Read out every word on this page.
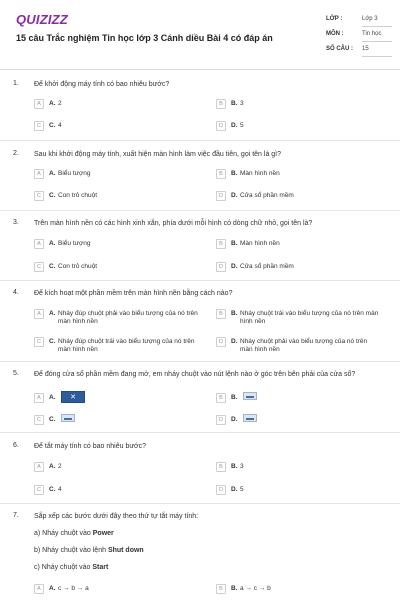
QUIZIZZ
15 câu Trắc nghiệm Tin học lớp 3 Cánh diều Bài 4 có đáp án
LỚP :	Lớp 3
MÔN :	Tin học
SỐ CÂU : 15
1. Để khởi động máy tính có bao nhiêu bước?
A	A. 2	B	B. 3
C	C. 4	D	D. 5
2. Sau khi khởi động máy tính, xuất hiện màn hình làm việc đầu tiên, gọi tên là gì?
A	A. Biểu tượng	B	B. Màn hình nền
C	C. Con trỏ chuột	D	D. Cửa sổ phần mềm
3. Trên màn hình nền có các hình xinh xắn, phía dưới mỗi hình có dòng chữ nhỏ, gọi tên là?
A	A. Biểu tượng	B	B. Màn hình nền
C	C. Con trỏ chuột	D	D. Cửa sổ phần mềm
4. Để kích hoạt một phần mềm trên màn hình nền bằng cách nào?
A	A. Nháy đúp chuột phải vào biểu tượng của nó trên màn hình nền
B	B. Nháy chuột trái vào biểu tượng của nó trên màn hình nền
C	C. Nháy đúp chuột trái vào biểu tượng của nó trên màn hình nền
D	D. Nháy chuột phải vào biểu tượng của nó trên màn hình nền
5. Để đóng cửa sổ phần mềm đang mở, em nháy chuột vào nút lệnh nào ở góc trên bên phải của cửa sổ?
A	A.	✕	B	B.
C	C.	D	D.
6. Để tắt máy tính có bao nhiêu bước?
A	A. 2	B	B. 3
C	C. 4	D	D. 5
7. Sắp xếp các bước dưới đây theo thứ tự tắt máy tính:
a) Nháy chuột vào Power
b) Nháy chuột vào lệnh Shut down
c) Nháy chuột vào Start
A	A. c → b → a	B	B. a → c → b
